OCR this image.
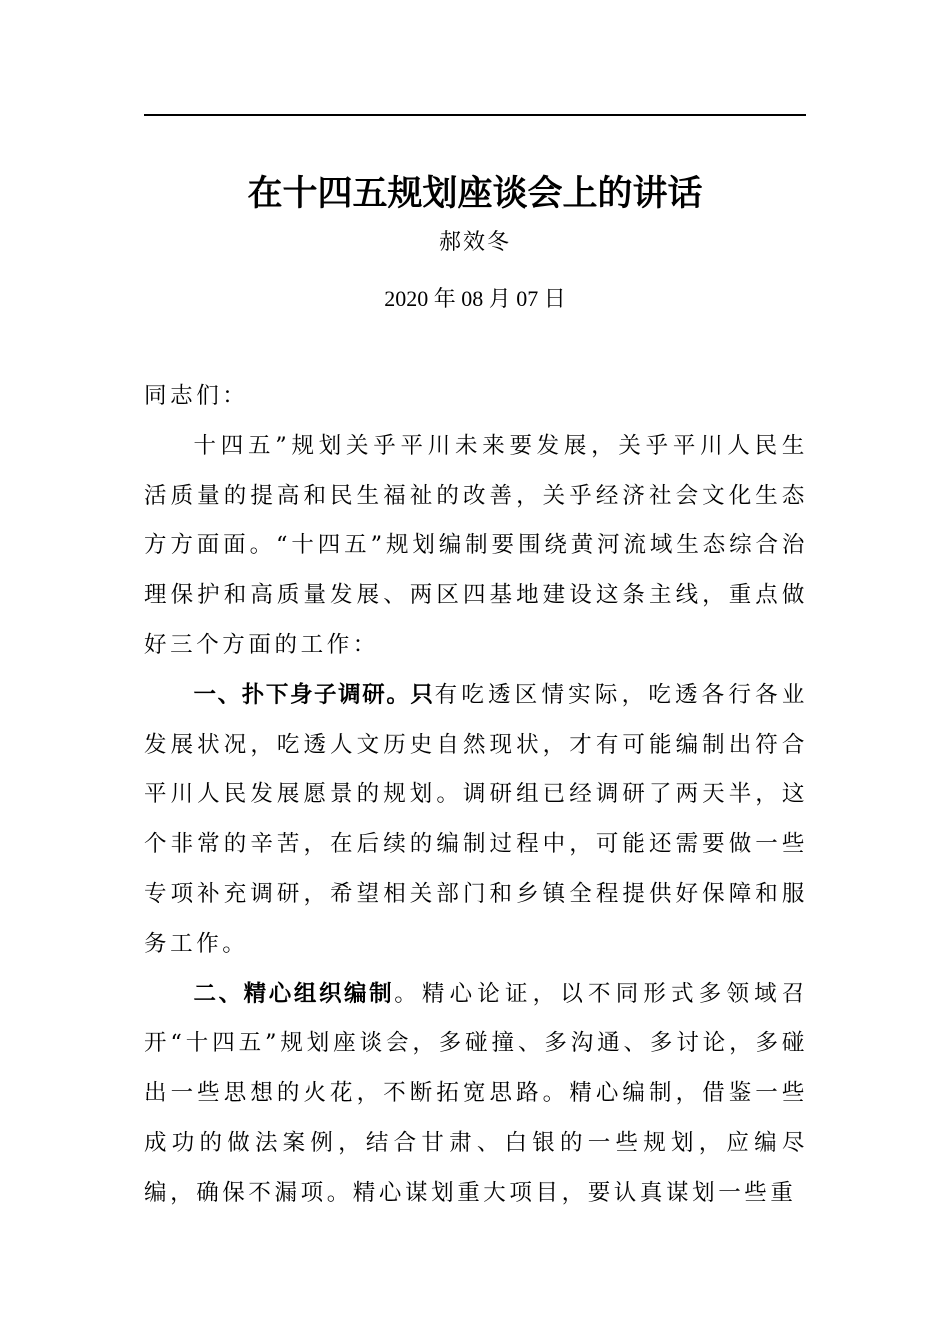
在十四五规划座谈会上的讲话
郝效冬
2020 年 08 月 07 日

同志们：

十四五”规划关乎平川未来要发展，关乎平川人民生活质量的提高和民生福祉的改善，关乎经济社会文化生态方方面面。“十四五”规划编制要围绕黄河流域生态综合治理保护和高质量发展、两区四基地建设这条主线，重点做好三个方面的工作：

一、扑下身子调研。只有吃透区情实际，吃透各行各业发展状况，吃透人文历史自然现状，才有可能编制出符合平川人民发展愿景的规划。调研组已经调研了两天半，这个非常的辛苦，在后续的编制过程中，可能还需要做一些专项补充调研，希望相关部门和乡镇全程提供好保障和服务工作。

二、精心组织编制。精心论证，以不同形式多领域召开“十四五”规划座谈会，多碰撞、多沟通、多讨论，多碰出一些思想的火花，不断拓宽思路。精心编制，借鉴一些成功的做法案例，结合甘肃、白银的一些规划，应编尽编，确保不漏项。精心谋划重大项目，要认真谋划一些重
